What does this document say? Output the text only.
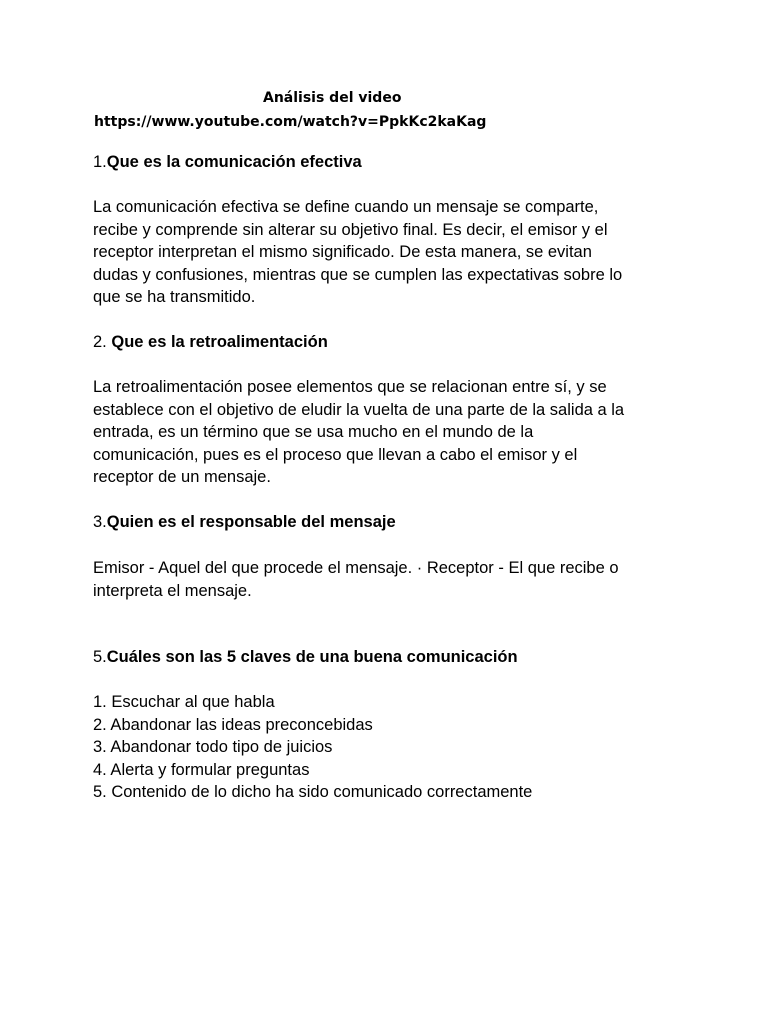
Análisis del video
https://www.youtube.com/watch?v=PpkKc2kaKag
1.Que es la comunicación efectiva
La comunicación efectiva se define cuando un mensaje se comparte,
recibe y comprende sin alterar su objetivo final. Es decir, el emisor y el
receptor interpretan el mismo significado. De esta manera, se evitan
dudas y confusiones, mientras que se cumplen las expectativas sobre lo
que se ha transmitido.
2. Que es la retroalimentación
La retroalimentación posee elementos que se relacionan entre sí, y se
establece con el objetivo de eludir la vuelta de una parte de la salida a la
entrada, es un término que se usa mucho en el mundo de la
comunicación, pues es el proceso que llevan a cabo el emisor y el
receptor de un mensaje.
3.Quien es el responsable del mensaje
Emisor - Aquel del que procede el mensaje. · Receptor - El que recibe o
interpreta el mensaje.
5.Cuáles son las 5 claves de una buena comunicación
1. Escuchar al que habla
2. Abandonar las ideas preconcebidas
3. Abandonar todo tipo de juicios
4. Alerta y formular preguntas
5. Contenido de lo dicho ha sido comunicado correctamente
